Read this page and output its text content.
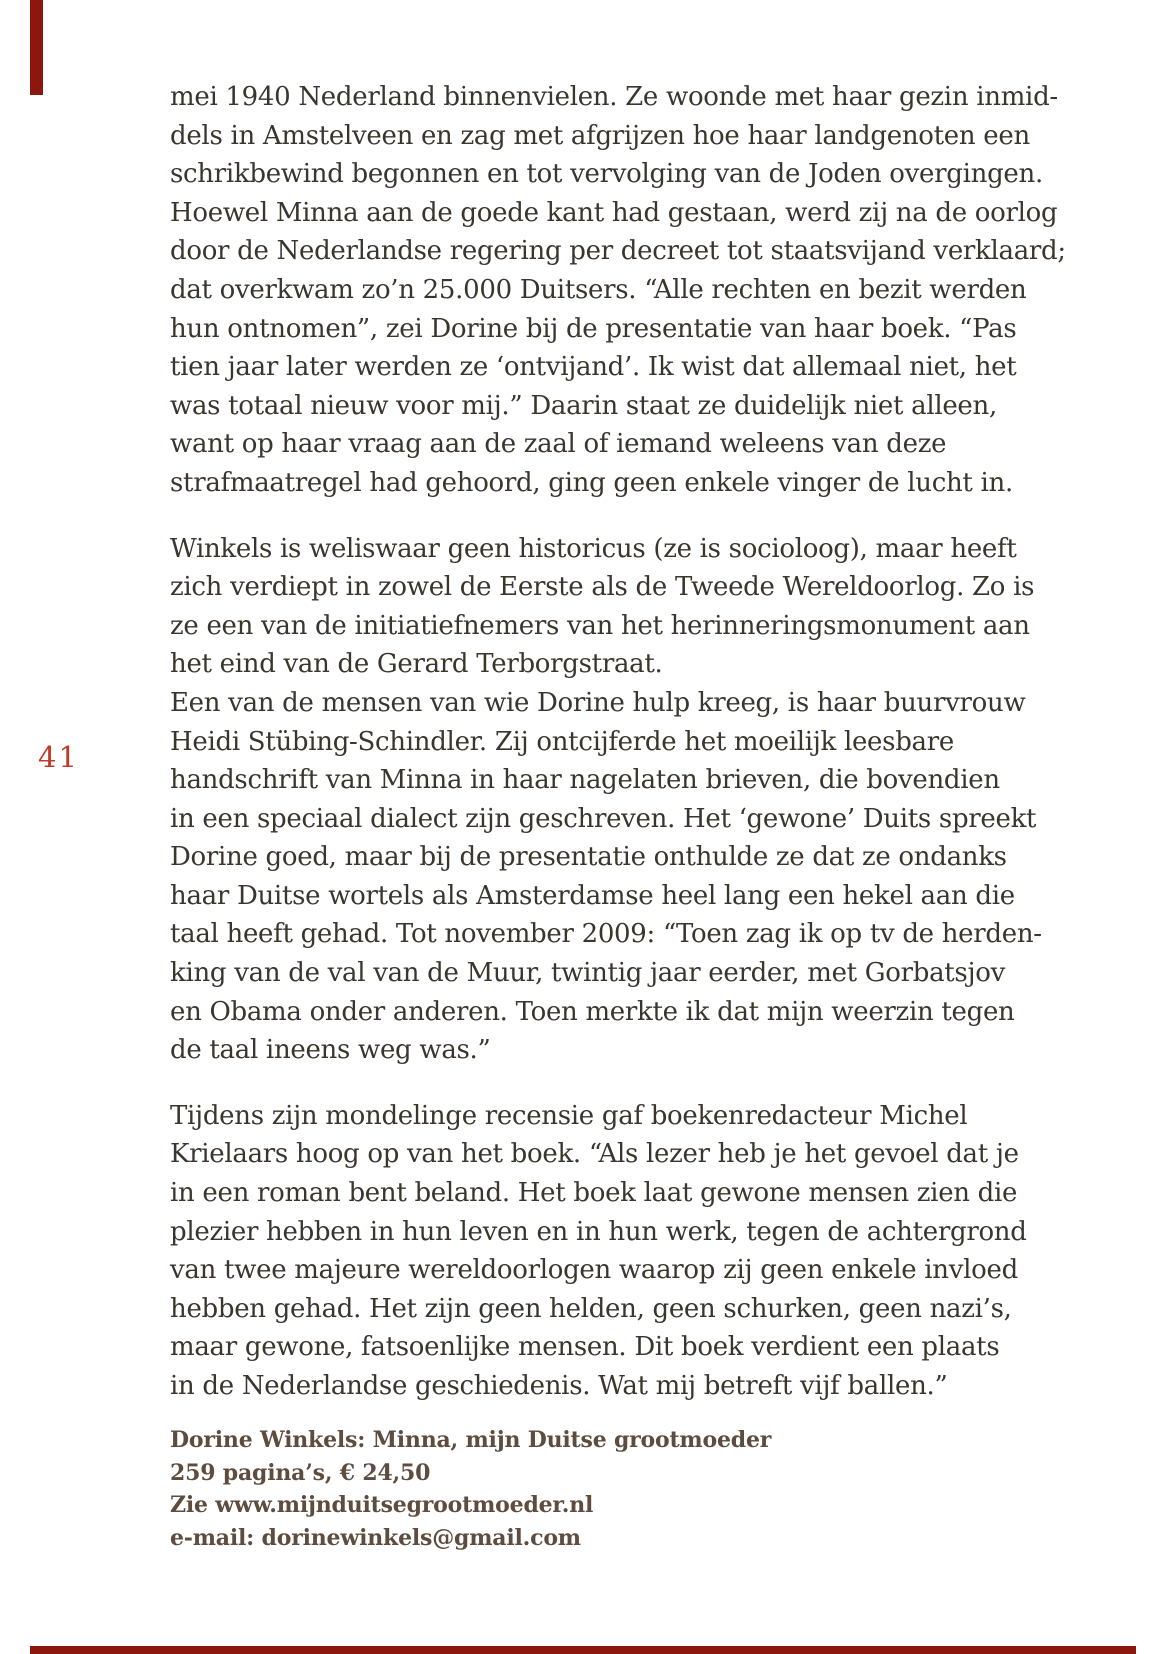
41

mei 1940 Nederland binnenvielen. Ze woonde met haar gezin inmid-
dels in Amstelveen en zag met afgrijzen hoe haar landgenoten een
schrikbewind begonnen en tot vervolging van de Joden overgingen.
Hoewel Minna aan de goede kant had gestaan, werd zij na de oorlog
door de Nederlandse regering per decreet tot staatsvijand verklaard;
dat overkwam zo’n 25.000 Duitsers. “Alle rechten en bezit werden
hun ontnomen”, zei Dorine bij de presentatie van haar boek. “Pas
tien jaar later werden ze ‘ontvijand’. Ik wist dat allemaal niet, het
was totaal nieuw voor mij.” Daarin staat ze duidelijk niet alleen,
want op haar vraag aan de zaal of iemand weleens van deze
strafmaatregel had gehoord, ging geen enkele vinger de lucht in.

Winkels is weliswaar geen historicus (ze is socioloog), maar heeft
zich verdiept in zowel de Eerste als de Tweede Wereldoorlog. Zo is
ze een van de initiatiefnemers van het herinneringsmonument aan
het eind van de Gerard Terborgstraat.
Een van de mensen van wie Dorine hulp kreeg, is haar buurvrouw
Heidi Stübing-Schindler. Zij ontcijferde het moeilijk leesbare
handschrift van Minna in haar nagelaten brieven, die bovendien
in een speciaal dialect zijn geschreven. Het ‘gewone’ Duits spreekt
Dorine goed, maar bij de presentatie onthulde ze dat ze ondanks
haar Duitse wortels als Amsterdamse heel lang een hekel aan die
taal heeft gehad. Tot november 2009: “Toen zag ik op tv de herden-
king van de val van de Muur, twintig jaar eerder, met Gorbatsjov
en Obama onder anderen. Toen merkte ik dat mijn weerzin tegen
de taal ineens weg was.”

Tijdens zijn mondelinge recensie gaf boekenredacteur Michel
Krielaars hoog op van het boek. “Als lezer heb je het gevoel dat je
in een roman bent beland. Het boek laat gewone mensen zien die
plezier hebben in hun leven en in hun werk, tegen de achtergrond
van twee majeure wereldoorlogen waarop zij geen enkele invloed
hebben gehad. Het zijn geen helden, geen schurken, geen nazi’s,
maar gewone, fatsoenlijke mensen. Dit boek verdient een plaats
in de Nederlandse geschiedenis. Wat mij betreft vijf ballen.”

Dorine Winkels: Minna, mijn Duitse grootmoeder
259 pagina’s, € 24,50
Zie www.mijnduitsegrootmoeder.nl
e-mail: dorinewinkels@gmail.com
